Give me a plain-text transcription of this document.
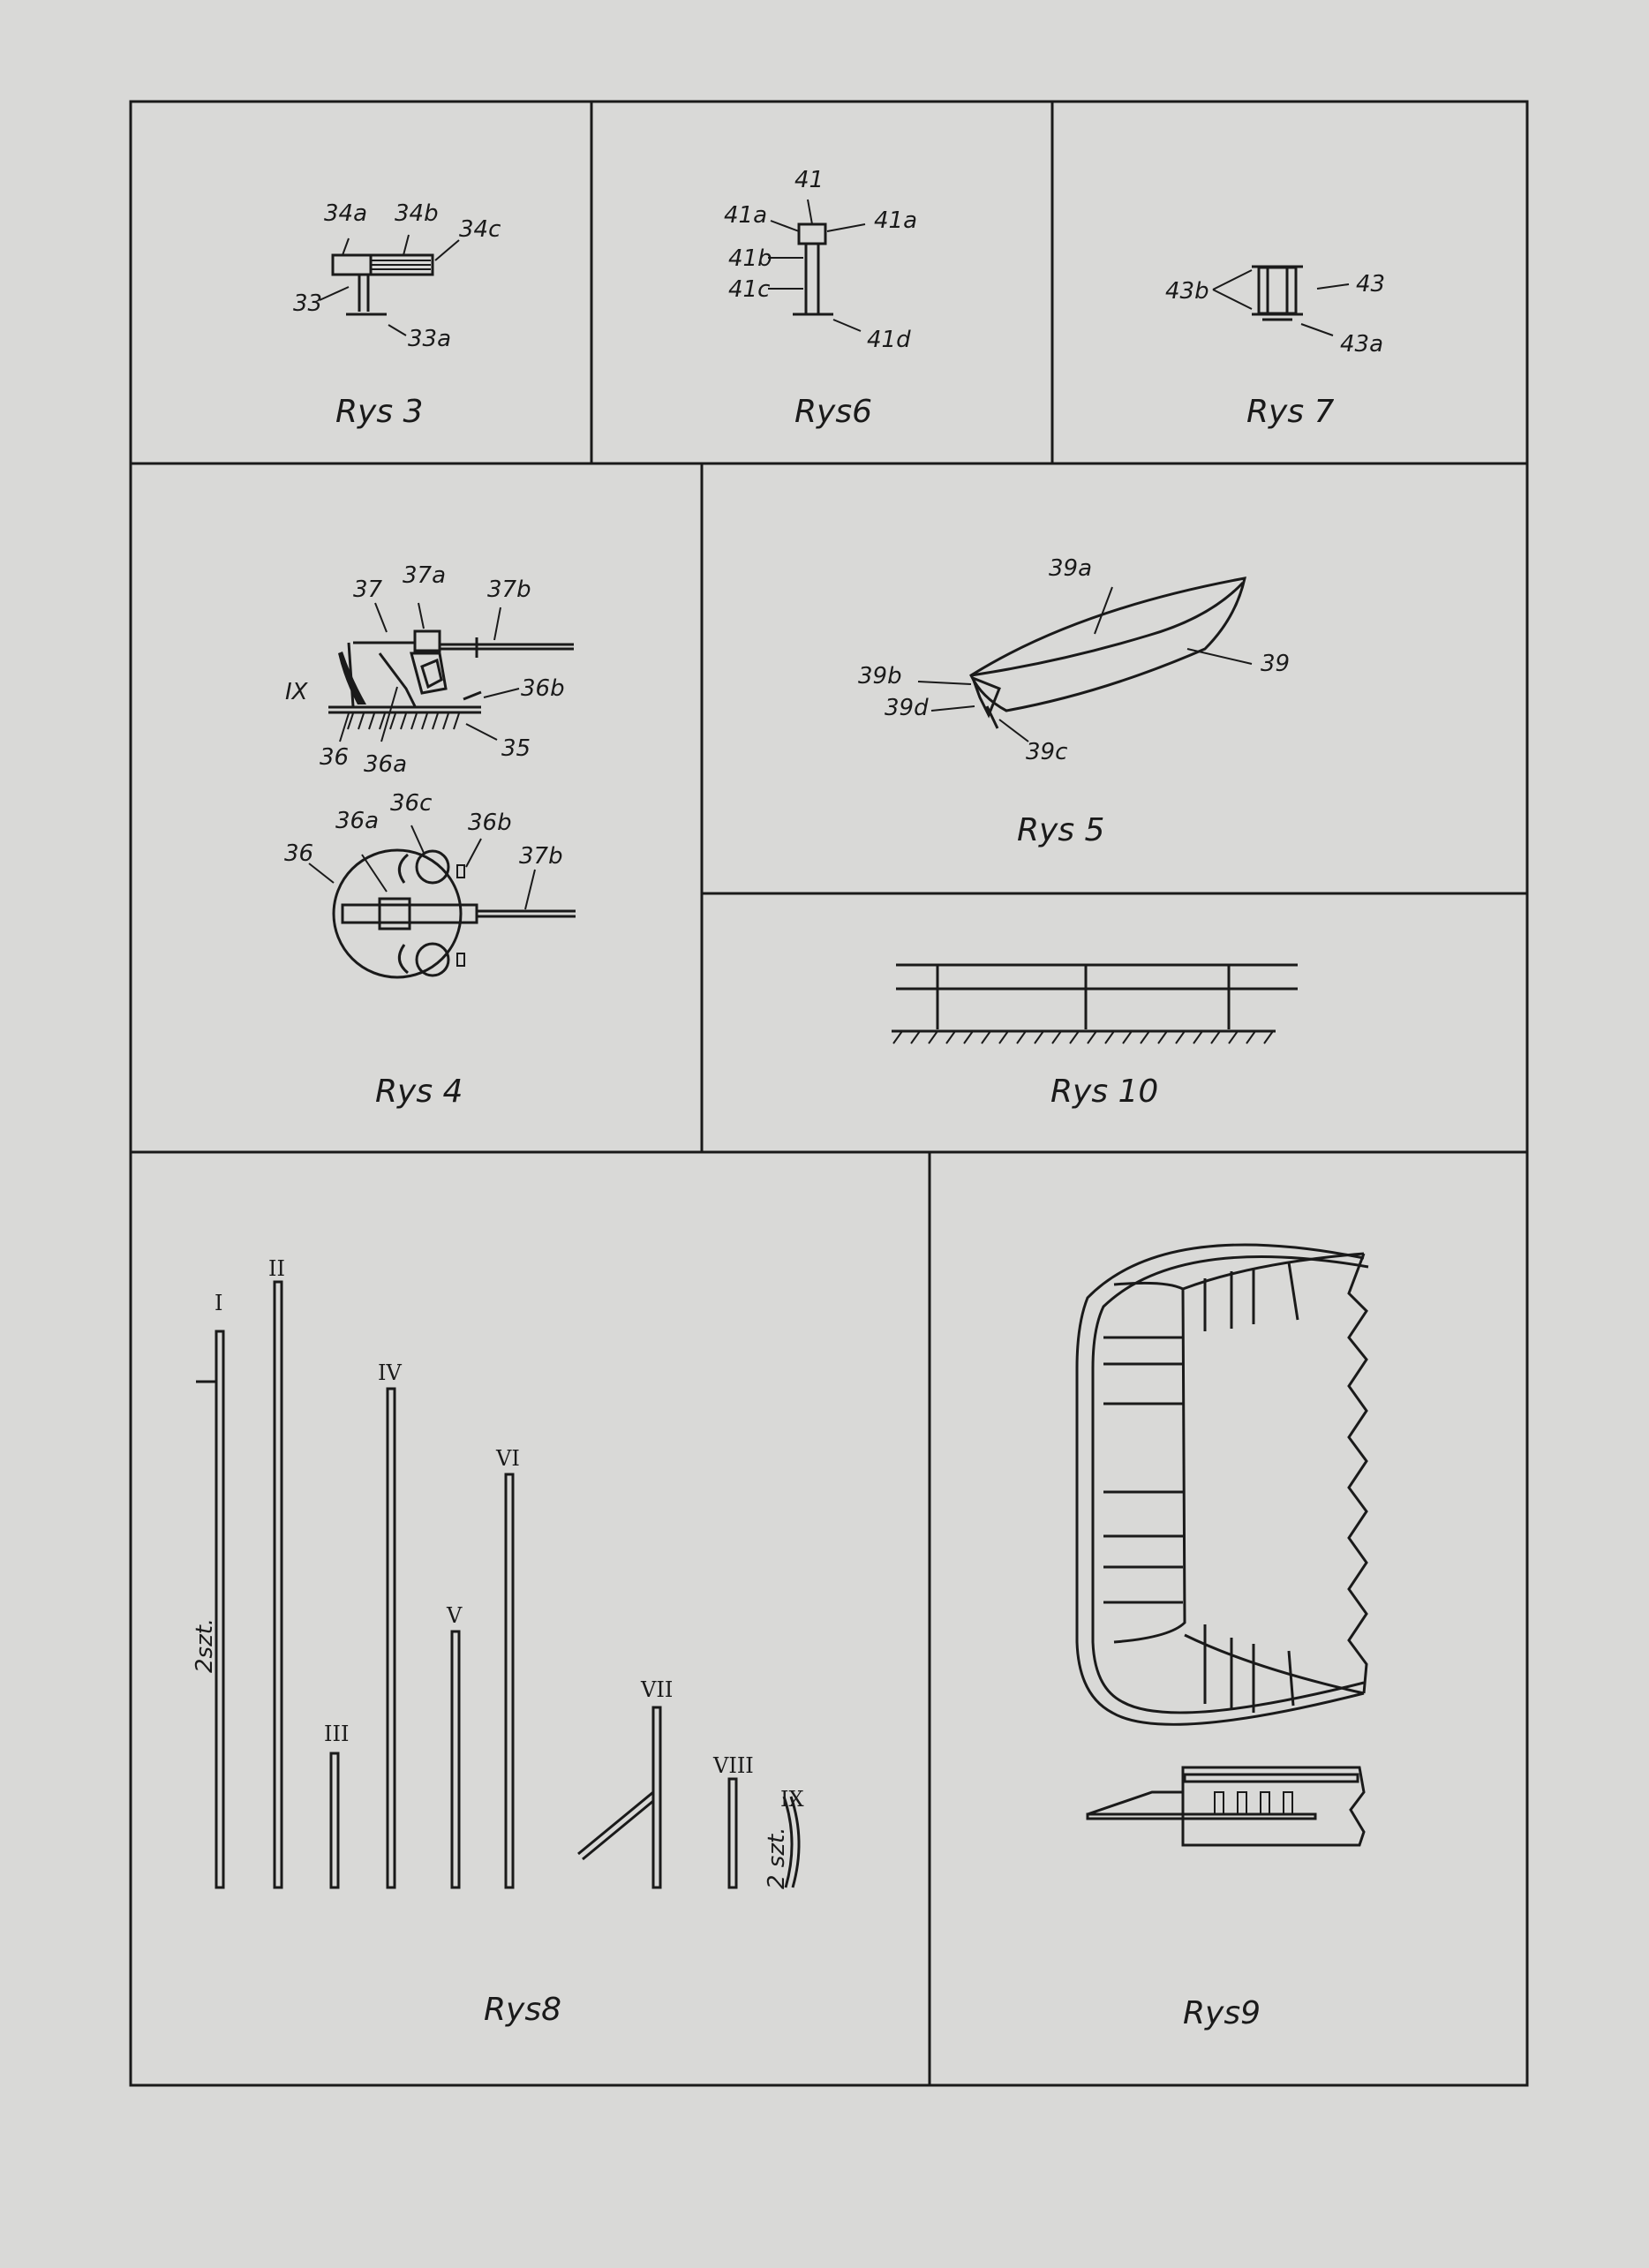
34a 34b
34c
33
33a
Rys 3
41
41a	41a
41b
41c
41d
Rys6
43b	43
43a
Rys 7
37
37a
37b
IX	36b
36 36a
35
36c
36a	36b
36	37b
Rys 4
39a
39
39b
39d
39c
Rys 5
Rys 10
I
II
III
IV
V
VI
VII
VIII
IX
2szt.
2 szt.
Rys8	Rys9
